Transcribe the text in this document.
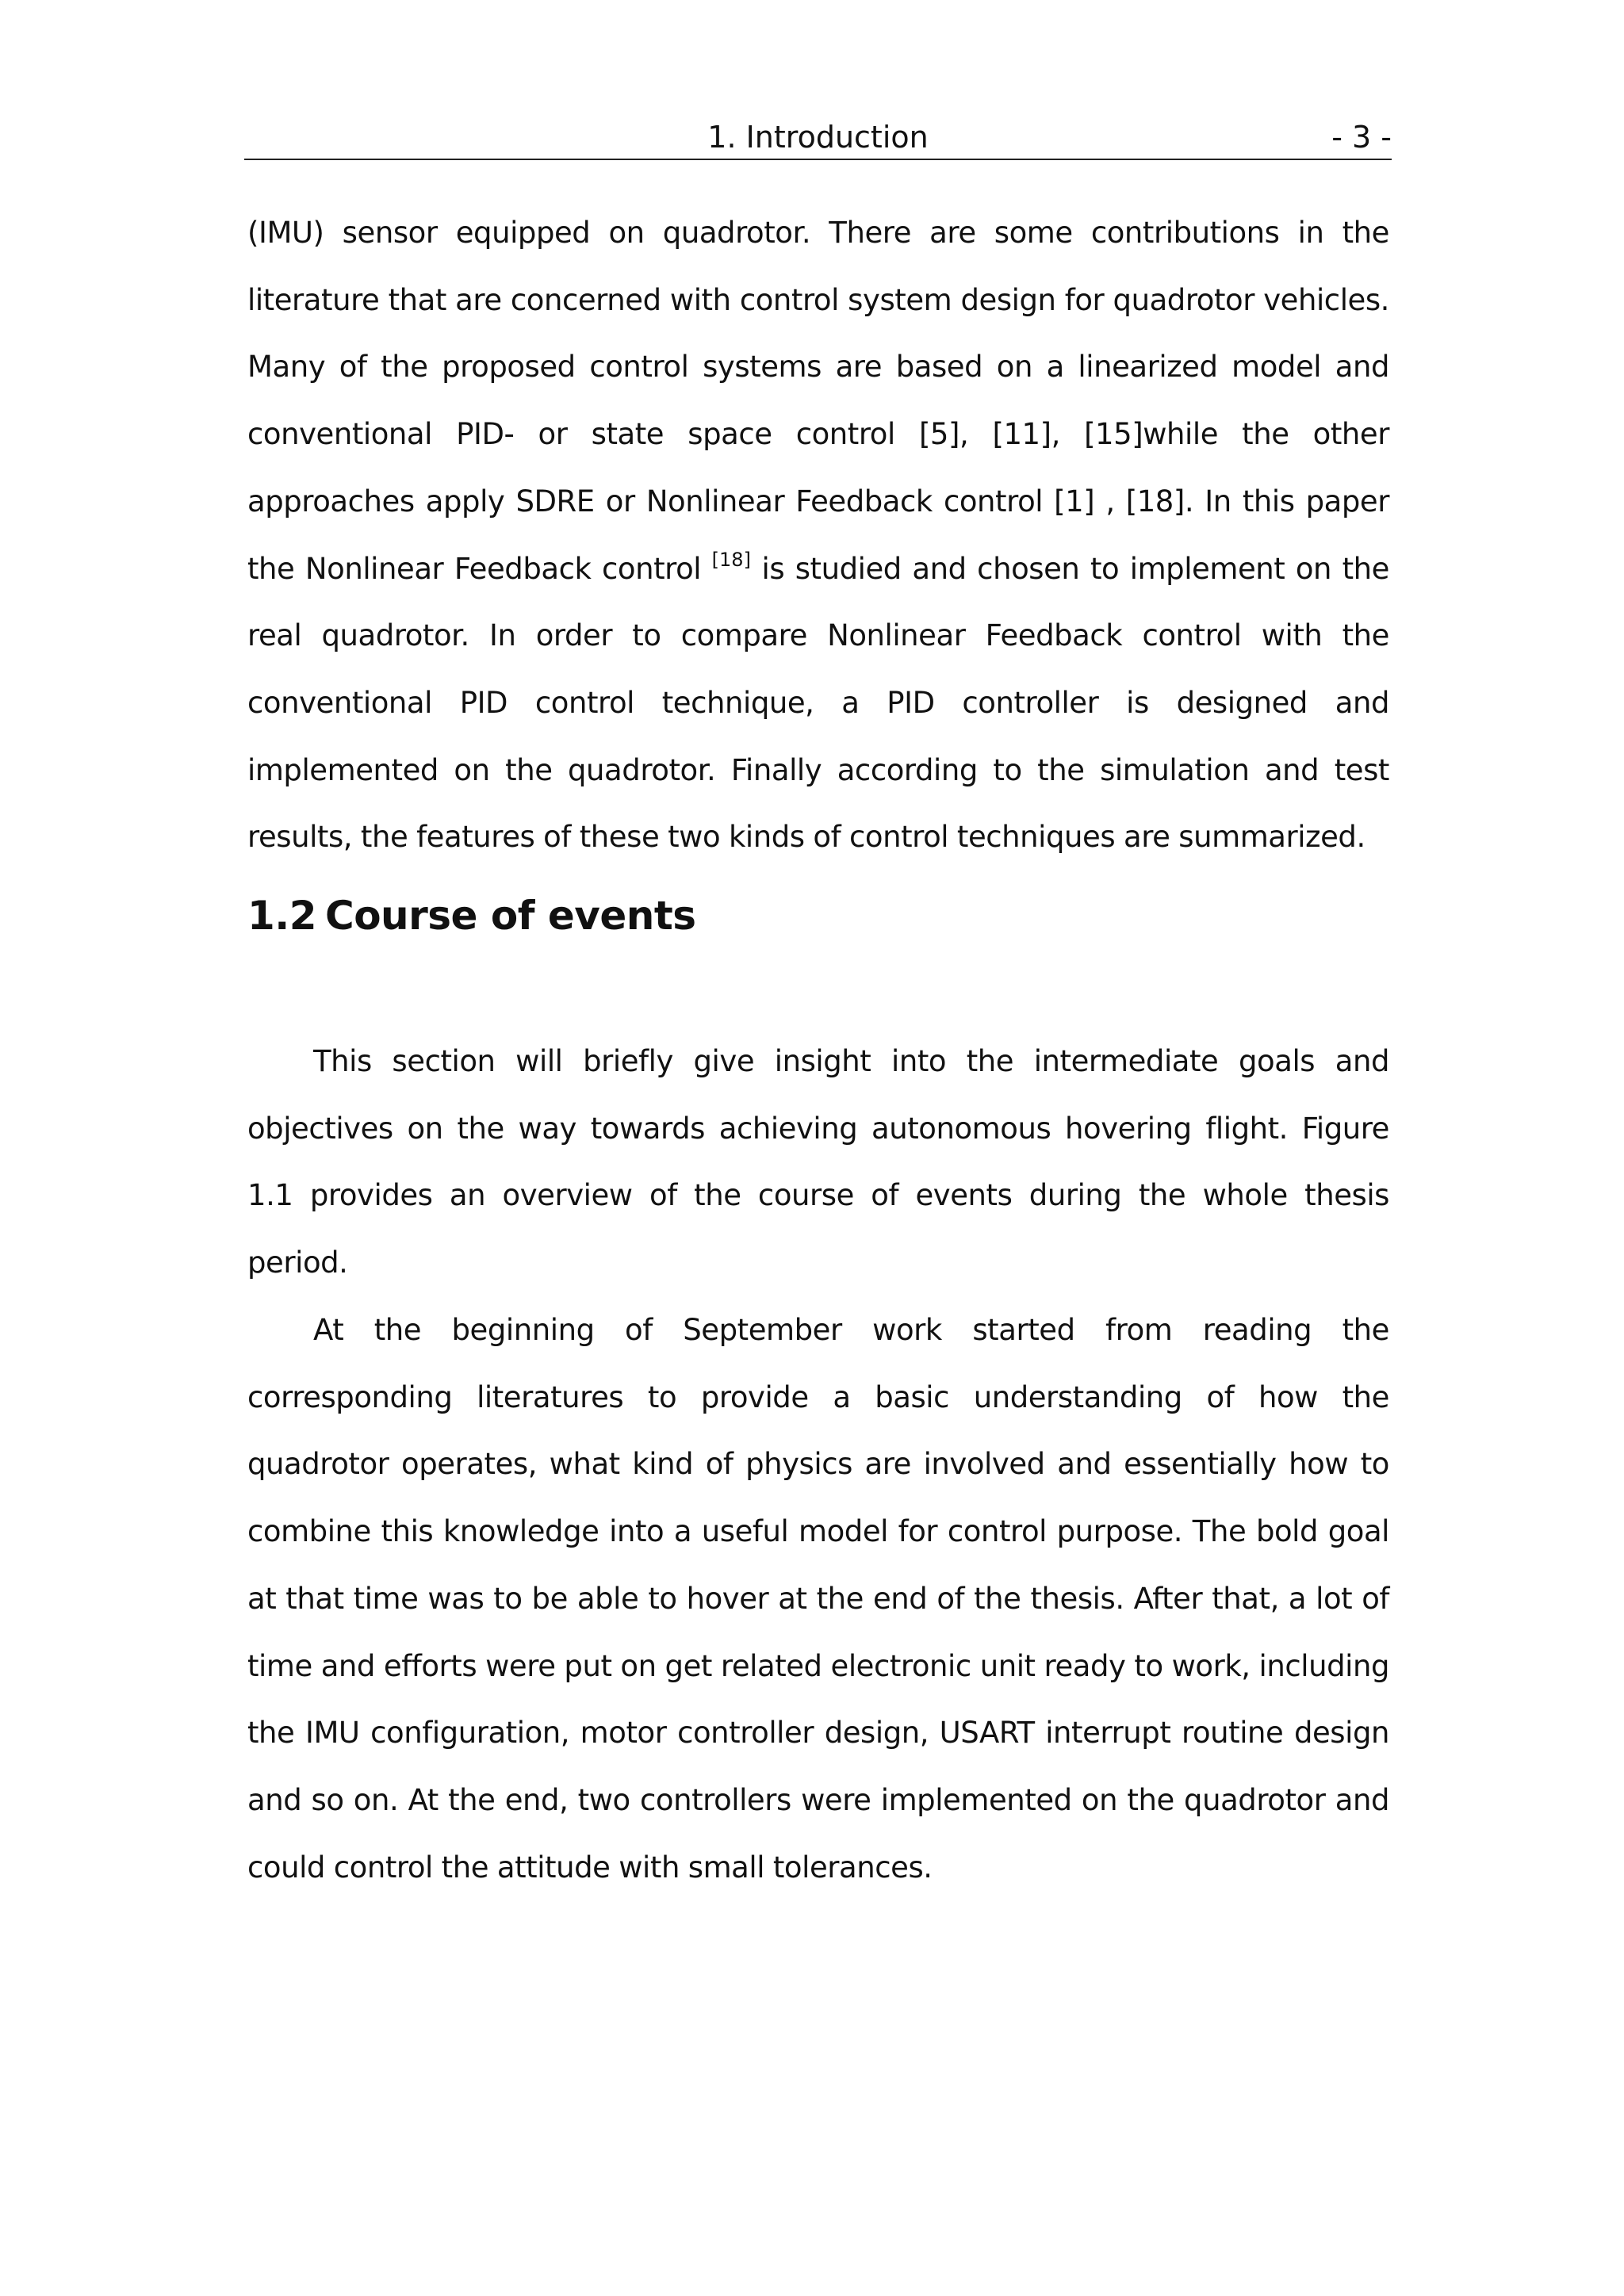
1. Introduction	- 3 -

(IMU) sensor equipped on quadrotor. There are some contributions in the literature that are concerned with control system design for quadrotor vehicles. Many of the proposed control systems are based on a linearized model and conventional PID- or state space control [5], [11], [15]while the other approaches apply SDRE or Nonlinear Feedback control [1] , [18]. In this paper the Nonlinear Feedback control [18] is studied and chosen to implement on the real quadrotor. In order to compare Nonlinear Feedback control with the conventional PID control technique, a PID controller is designed and implemented on the quadrotor. Finally according to the simulation and test results, the features of these two kinds of control techniques are summarized.

1.2 Course of events

This section will briefly give insight into the intermediate goals and objectives on the way towards achieving autonomous hovering flight. Figure 1.1 provides an overview of the course of events during the whole thesis period.

At the beginning of September work started from reading the corresponding literatures to provide a basic understanding of how the quadrotor operates, what kind of physics are involved and essentially how to combine this knowledge into a useful model for control purpose. The bold goal at that time was to be able to hover at the end of the thesis. After that, a lot of time and efforts were put on get related electronic unit ready to work, including the IMU configuration, motor controller design, USART interrupt routine design and so on. At the end, two controllers were implemented on the quadrotor and could control the attitude with small tolerances.
